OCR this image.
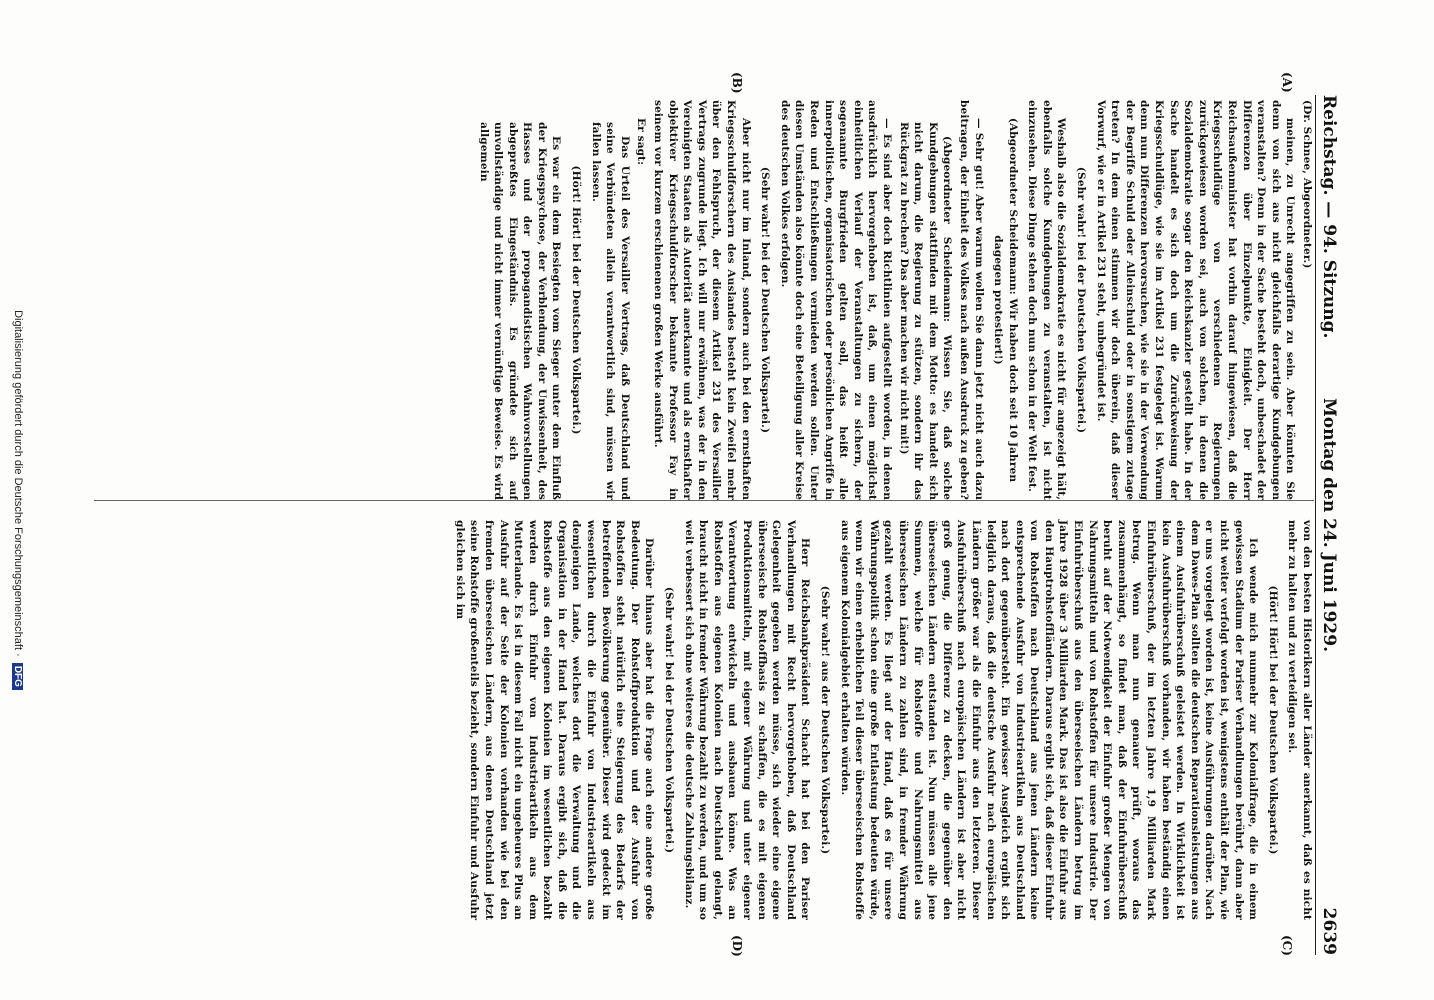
Reichstag. — 94. Sitzung.
Montag den 24. Juni 1929.
2639
(A)
(B)
(C)
(D)

(Dr. Schnee, Abgeordneter.)

meinen, zu Unrecht angegriffen zu sein. Aber könnten Sie denn von sich aus nicht gleichfalls derartige Kundgebungen veranstalten? Denn in der Sache besteht doch, unbeschadet der Differenzen über Einzelpunkte, Einigkeit. Der Herr Reichsaußenminister hat vorhin darauf hingewiesen, daß die Kriegsschuldlüge von verschiedenen Regierungen zurückgewiesen worden sei, auch von solchen, in denen die Sozialdemokratie sogar den Reichskanzler gestellt habe. In der Sache handelt es sich doch um die Zurückweisung der Kriegsschuldlüge, wie sie im Artikel 231 festgelegt ist. Warum denn nun Differenzen hervorsuchen, wie sie in der Verwendung der Begriffe Schuld oder Alleinschuld oder in sonstigem zutage treten? In dem einen stimmen wir doch überein, daß dieser Vorwurf, wie er in Artikel 231 steht, unbegründet ist.

(Sehr wahr! bei der Deutschen Volkspartei.)

Weshalb also die Sozialdemokratie es nicht für angezeigt hält, ebenfalls solche Kundgebungen zu veranstalten, ist nicht einzusehen. Diese Dinge stehen doch nun schon in der Welt fest.

(Abgeordneter Scheidemann: Wir haben doch seit 10 Jahren dagegen protestiert!)

— Sehr gut! Aber warum wollen Sie dann jetzt nicht auch dazu beitragen, der Einheit des Volkes nach außen Ausdruck zu geben?

(Abgeordneter Scheidemann: Wissen Sie, daß solche Kundgebungen stattfinden mit dem Motto: es handelt sich nicht darum, die Regierung zu stützen, sondern ihr das Rückgrat zu brechen? Das aber machen wir nicht mit!)

— Es sind aber doch Richtlinien aufgestellt worden, in denen ausdrücklich hervorgehoben ist, daß, um einen möglichst einheitlichen Verlauf der Veranstaltungen zu sichern, der sogenannte Burgfrieden gelten soll, das heißt alle innerpolitischen, organisatorischen oder persönlichen Angriffe in Reden und Entschließungen vermieden werden sollen. Unter diesen Umständen also könnte doch eine Beteiligung aller Kreise des deutschen Volkes erfolgen.

(Sehr wahr! bei der Deutschen Volkspartei.)

Aber nicht nur im Inland, sondern auch bei den ernsthaften Kriegsschuldforschern des Auslandes besteht kein Zweifel mehr über den Fehlspruch, der diesem Artikel 231 des Versailler Vertrags zugrunde liegt. Ich will nur erwähnen, was der in den Vereinigten Staaten als Autorität anerkannte und als ernsthafter objektiver Kriegsschuldforscher bekannte Professor Fay in seinem vor kurzem erschienenen großen Werke ausführt.

Er sagt:

Das Urteil des Versailler Vertrags, daß Deutschland und seine Verbündeten allein verantwortlich sind, müssen wir fallen lassen.

(Hört! Hört! bei der Deutschen Volkspartei.)

Es war ein dem Besiegten vom Sieger unter dem Einfluß der Kriegspsychose, der Verblendung, der Unwissenheit, des Hasses und der propagandistischen Wahnvorstellungen abgepreßtes Eingeständnis. Es gründete sich auf unvollständige und nicht immer vernünftige Beweise. Es wird allgemein

von den besten Historikern aller Länder anerkannt, daß es nicht mehr zu halten und zu verteidigen sei.

(Hört! Hört! bei der Deutschen Volkspartei.)

Ich wende mich nunmehr zur Kolonialfrage, die in einem gewissen Stadium der Pariser Verhandlungen berührt, dann aber nicht weiter verfolgt worden ist, wenigstens enthält der Plan, wie er uns vorgelegt worden ist, keine Ausführungen darüber. Nach dem Dawes-Plan sollten die deutschen Reparationsleistungen aus einem Ausfuhrüberschuß geleistet werden. In Wirklichkeit ist kein Ausfuhrüberschuß vorhanden, wir haben beständig einen Einfuhrüberschuß, der im letzten Jahre 1,9 Milliarden Mark betrug. Wenn man nun genauer prüft, woraus das zusammenhängt, so findet man, daß der Einfuhrüberschuß beruht auf der Notwendigkeit der Einfuhr großer Mengen von Nahrungsmitteln und von Rohstoffen für unsere Industrie. Der Einfuhrüberschuß aus den überseeischen Ländern betrug im Jahre 1928 über 3 Milliarden Mark. Das ist also die Einfuhr aus den Hauptrohstoffländern. Daraus ergibt sich, daß dieser Einfuhr von Rohstoffen nach Deutschland aus jenen Ländern keine entsprechende Ausfuhr von Industrieartikeln aus Deutschland nach dort gegenübersteht. Ein gewisser Ausgleich ergibt sich lediglich daraus, daß die deutsche Ausfuhr nach europäischen Ländern größer war als die Einfuhr aus den letzteren. Dieser Ausfuhrüberschuß nach europäischen Ländern ist aber nicht groß genug, die Differenz zu decken, die gegenüber den überseeischen Ländern entstanden ist. Nun müssen alle jene Summen, welche für Rohstoffe und Nahrungsmittel aus überseeischen Ländern zu zahlen sind, in fremder Währung gezahlt werden. Es liegt auf der Hand, daß es für unsere Währungspolitik schon eine große Entlastung bedeuten würde, wenn wir einen erheblichen Teil dieser überseeischen Rohstoffe aus eigenem Kolonialgebiet erhalten würden.

(Sehr wahr! aus der Deutschen Volkspartei.)

Herr Reichsbankpräsident Schacht hat bei den Pariser Verhandlungen mit Recht hervorgehoben, daß Deutschland Gelegenheit gegeben werden müsse, sich wieder eine eigene überseeische Rohstoffbasis zu schaffen, die es mit eigenen Produktionsmitteln, mit eigener Währung und unter eigener Verantwortung entwickeln und ausbauen könne. Was an Rohstoffen aus eigenen Kolonien nach Deutschland gelangt, braucht nicht in fremder Währung bezahlt zu werden, und um so weit verbessert sich ohne weiteres die deutsche Zahlungsbilanz.

(Sehr wahr! bei der Deutschen Volkspartei.)

Darüber hinaus aber hat die Frage auch eine andere große Bedeutung. Der Rohstoffproduktion und der Ausfuhr von Rohstoffen steht natürlich eine Steigerung des Bedarfs der betreffenden Bevölkerung gegenüber. Dieser wird gedeckt im wesentlichen durch die Einfuhr von Industrieartikeln aus demjenigen Lande, welches dort die Verwaltung und die Organisation in der Hand hat. Daraus ergibt sich, daß die Rohstoffe aus den eigenen Kolonien im wesentlichen bezahlt werden durch Einfuhr von Industrieartikeln aus dem Mutterlande. Es ist in diesem Fall nicht ein ungeheures Plus an Ausfuhr auf der Seite der Kolonien vorhanden wie bei den fremden überseeischen Ländern, aus denen Deutschland jetzt seine Rohstoffe großenteils bezieht, sondern Einfuhr und Ausfuhr gleichen sich im

Digitalisierung gefördert durch die Deutsche Forschungsgemeinschaft · DFG
